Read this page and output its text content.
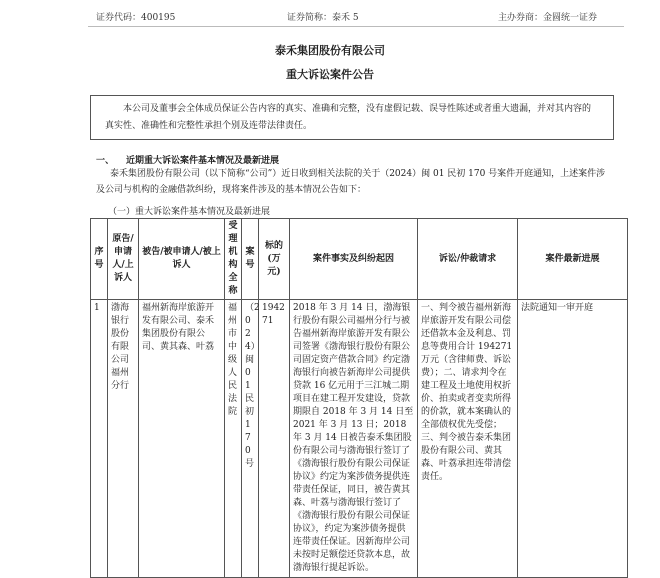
证券代码：400195	证券简称：泰禾 5	主办券商：金圆统一证券
泰禾集团股份有限公司
重大诉讼案件公告

本公司及董事会全体成员保证公告内容的真实、准确和完整，没有虚假记载、误导性陈述或者重大遗漏，并对其内容的真实性、准确性和完整性承担个别及连带法律责任。

一、 近期重大诉讼案件基本情况及最新进展

泰禾集团股份有限公司（以下简称“公司”）近日收到相关法院的关于（2024）闽 01 民初 170 号案件开庭通知，上述案件涉及公司与机构的金融借款纠纷，现将案件涉及的基本情况公告如下：

（一）重大诉讼案件基本情况及最新进展
序号	原告/申请人/上诉人	被告/被申请人/被上诉人	受理机构全称	案号	标的(万元)	案件事实及纠纷起因	诉讼/仲裁请求	案件最新进展
1	渤海银行股份有限公司福州分行	福州新海岸旅游开发有限公司、泰禾集团股份有限公司、黄其森、叶荔	福州市中级人民法院	（2024）闽01民初170号	194271	2018 年 3 月 14 日，渤海银行股份有限公司福州分行与被告福州新海岸旅游开发有限公司签署《渤海银行股份有限公司固定资产借款合同》约定渤海银行向被告新海岸公司提供贷款 16 亿元用于三江城二期项目在建工程开发建设，贷款期限自 2018 年 3 月 14 日至 2021 年 3 月 13 日；2018 年 3 月 14 日被告泰禾集团股份有限公司与渤海银行签订了《渤海银行股份有限公司保证协议》约定为案涉债务提供连带责任保证，同日，被告黄其森、叶荔与渤海银行签订了《渤海银行股份有限公司保证协议》，约定为案涉债务提供连带责任保证。因新海岸公司未按时足额偿还贷款本息，故渤海银行提起诉讼。	一、判令被告福州新海岸旅游开发有限公司偿还借款本金及利息、罚息等费用合计 194271 万元（含律师费、诉讼费）；二、请求判令在建工程及土地使用权折价、拍卖或者变卖所得的价款，就本案确认的全部债权优先受偿；三、判令被告泰禾集团股份有限公司、黄其森、叶荔承担连带清偿责任。	法院通知一审开庭
